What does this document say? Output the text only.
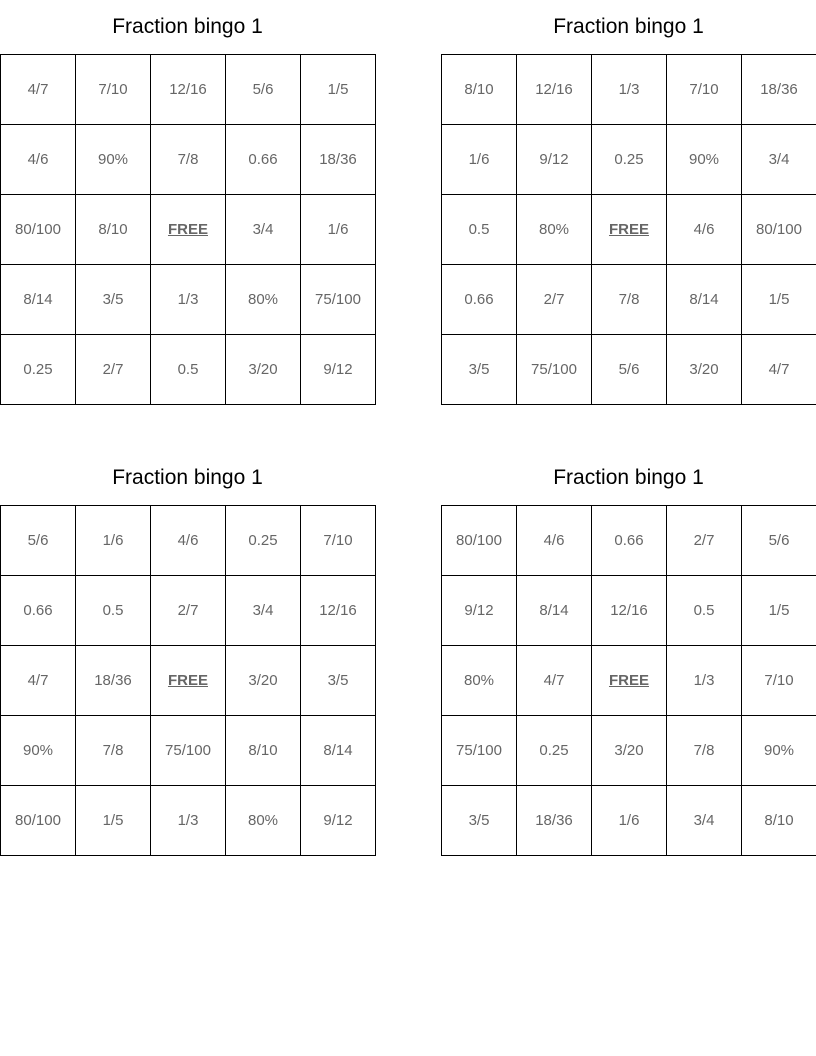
Fraction bingo 1
4/7	7/10	12/16	5/6	1/5
4/6	90%	7/8	0.66	18/36
80/100	8/10	FREE	3/4	1/6
8/14	3/5	1/3	80%	75/100
0.25	2/7	0.5	3/20	9/12
Fraction bingo 1
8/10	12/16	1/3	7/10	18/36
1/6	9/12	0.25	90%	3/4
0.5	80%	FREE	4/6	80/100
0.66	2/7	7/8	8/14	1/5
3/5	75/100	5/6	3/20	4/7
Fraction bingo 1
5/6	1/6	4/6	0.25	7/10
0.66	0.5	2/7	3/4	12/16
4/7	18/36	FREE	3/20	3/5
90%	7/8	75/100	8/10	8/14
80/100	1/5	1/3	80%	9/12
Fraction bingo 1
80/100	4/6	0.66	2/7	5/6
9/12	8/14	12/16	0.5	1/5
80%	4/7	FREE	1/3	7/10
75/100	0.25	3/20	7/8	90%
3/5	18/36	1/6	3/4	8/10
